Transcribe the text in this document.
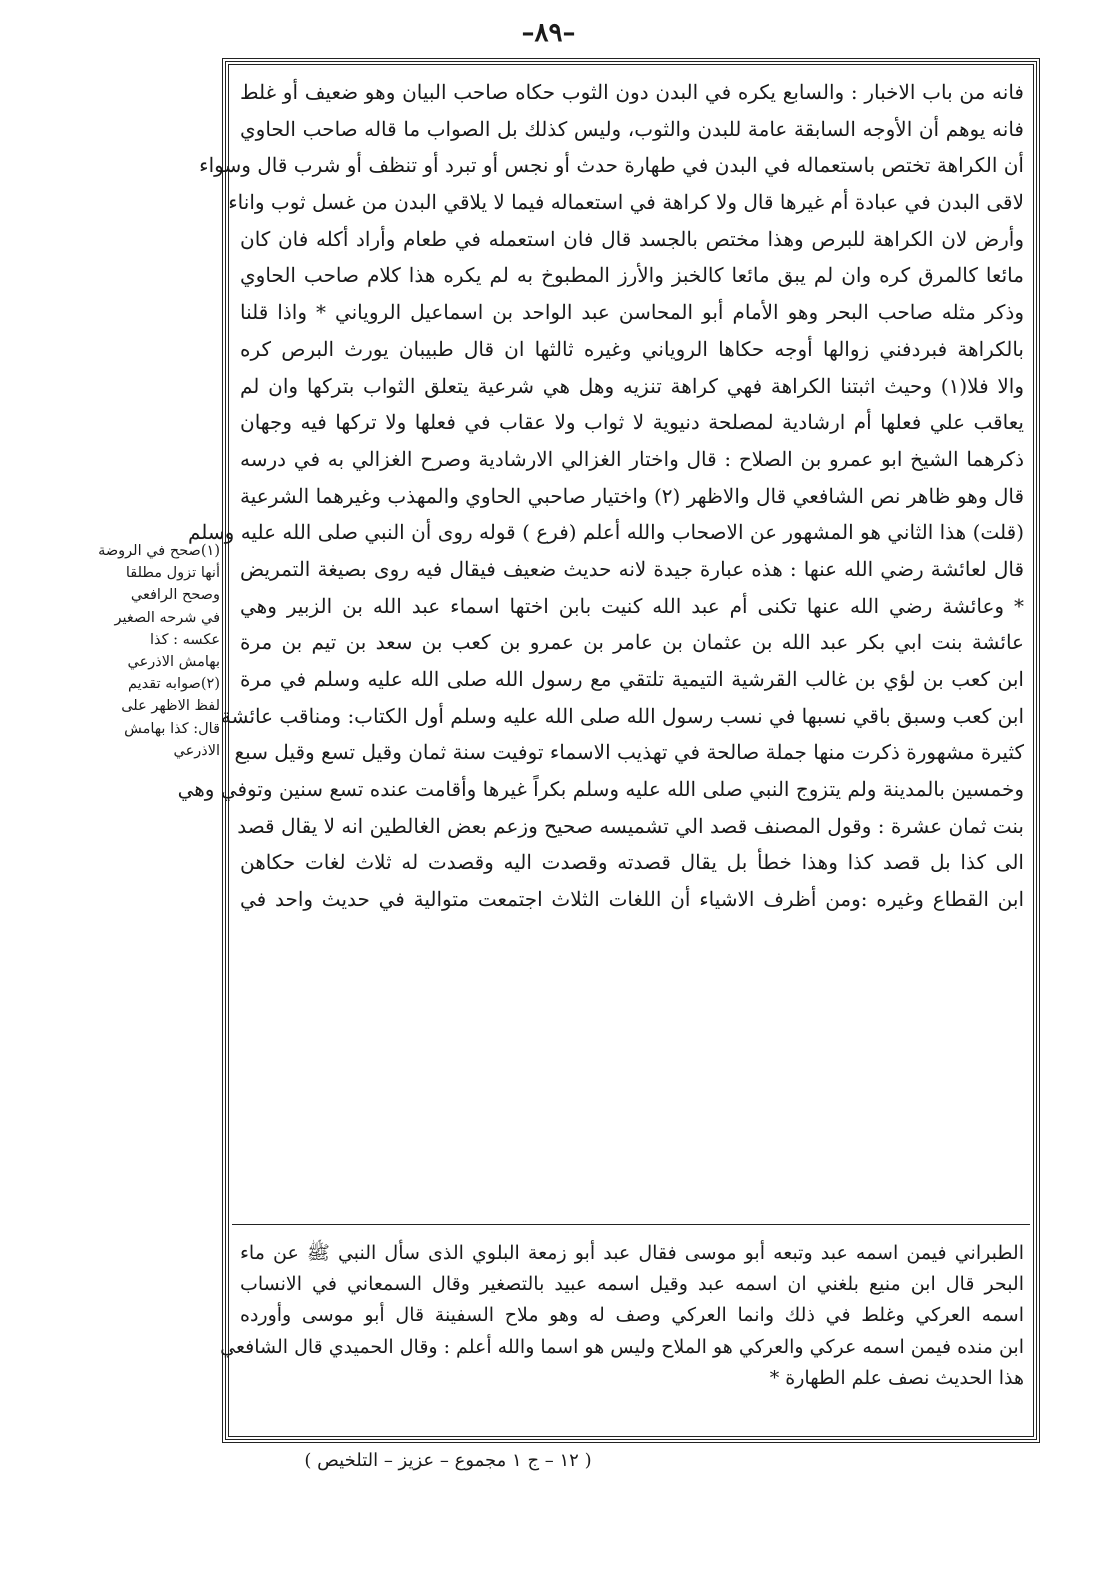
–٨٩–
فانه من باب الاخبار : والسابع يكره في البدن دون الثوب حكاه صاحب البيان وهو ضعيف أو غلط
فانه يوهم أن الأوجه السابقة عامة للبدن والثوب، وليس كذلك بل الصواب ما قاله صاحب الحاوي
أن الكراهة تختص باستعماله في البدن في طهارة حدث أو نجس أو تبرد أو تنظف أو شرب قال وسواء
لاقى البدن في عبادة أم غيرها قال ولا كراهة في استعماله فيما لا يلاقي البدن من غسل ثوب واناء
وأرض لان الكراهة للبرص وهذا مختص بالجسد قال فان استعمله في طعام وأراد أكله فان كان
مائعا كالمرق كره وان لم يبق مائعا كالخبز والأرز المطبوخ به لم يكره هذا كلام صاحب الحاوي
وذكر مثله صاحب البحر وهو الأمام أبو المحاسن عبد الواحد بن اسماعيل الروياني * واذا قلنا
بالكراهة فبردفني زوالها أوجه حكاها الروياني وغيره ثالثها ان قال طبيبان يورث البرص كره
والا فلا(١) وحيث اثبتنا الكراهة فهي كراهة تنزيه وهل هي شرعية يتعلق الثواب بتركها وان لم
يعاقب علي فعلها أم ارشادية لمصلحة دنيوية لا ثواب ولا عقاب في فعلها ولا تركها فيه وجهان
ذكرهما الشيخ ابو عمرو بن الصلاح : قال واختار الغزالي الارشادية وصرح الغزالي به في درسه
قال وهو ظاهر نص الشافعي قال والاظهر (٢) واختيار صاحبي الحاوي والمهذب وغيرهما الشرعية
(قلت) هذا الثاني هو المشهور عن الاصحاب والله أعلم (فرع ) قوله روى أن النبي صلى الله عليه وسلم
قال لعائشة رضي الله عنها : هذه عبارة جيدة لانه حديث ضعيف فيقال فيه روى بصيغة التمريض
* وعائشة رضي الله عنها تكنى أم عبد الله كنيت بابن اختها اسماء عبد الله بن الزبير وهي
عائشة بنت ابي بكر عبد الله بن عثمان بن عامر بن عمرو بن كعب بن سعد بن تيم بن مرة
ابن كعب بن لؤي بن غالب القرشية التيمية تلتقي مع رسول الله صلى الله عليه وسلم في مرة
ابن كعب وسبق باقي نسبها في نسب رسول الله صلى الله عليه وسلم أول الكتاب: ومناقب عائشة
كثيرة مشهورة ذكرت منها جملة صالحة في تهذيب الاسماء توفيت سنة ثمان وقيل تسع وقيل سبع
وخمسين بالمدينة ولم يتزوج النبي صلى الله عليه وسلم بكراً غيرها وأقامت عنده تسع سنين وتوفي وهي
بنت ثمان عشرة : وقول المصنف قصد الي تشميسه صحيح وزعم بعض الغالطين انه لا يقال قصد
الى كذا بل قصد كذا وهذا خطأ بل يقال قصدته وقصدت اليه وقصدت له ثلاث لغات حكاهن
ابن القطاع وغيره :ومن أظرف الاشياء أن اللغات الثلاث اجتمعت متوالية في حديث واحد في
الطبراني فيمن اسمه عبد وتبعه أبو موسى فقال عبد أبو زمعة البلوي الذى سأل النبي ﷺ عن ماء
البحر قال ابن منيع بلغني ان اسمه عبد وقيل اسمه عبيد بالتصغير وقال السمعاني في الانساب
اسمه العركي وغلط في ذلك وانما العركي وصف له وهو ملاح السفينة قال أبو موسى وأورده
ابن منده فيمن اسمه عركي والعركي هو الملاح وليس هو اسما والله أعلم : وقال الحميدي قال الشافعي
هذا الحديث نصف علم الطهارة *
(١)صحح في الروضة
أنها تزول مطلقا
وصحح الرافعي
في شرحه الصغير
عكسه : كذا
بهامش الاذرعي
(٢)صوابه تقديم
لفظ الاظهر على
قال: كذا بهامش
الاذرعي
( ١٢ – ج ١ مجموع – عزيز – التلخيص )
